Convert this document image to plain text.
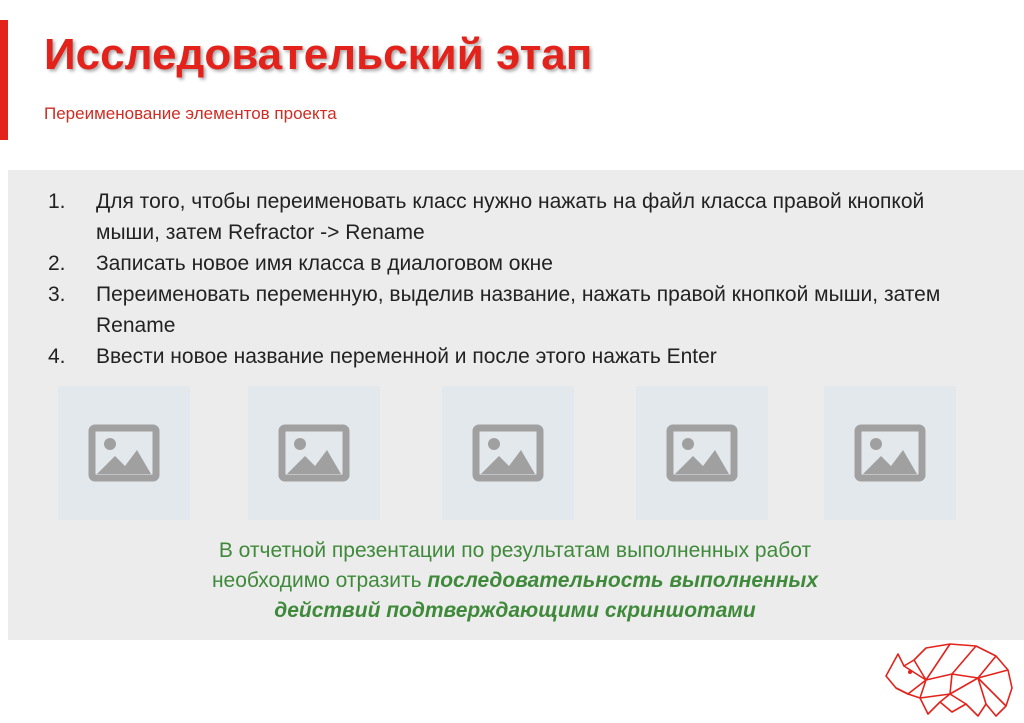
Исследовательский этап
Переименование элементов проекта
1. Для того, чтобы переименовать класс нужно нажать на файл класса правой кнопкой мыши, затем Refractor -> Rename
2. Записать новое имя класса в диалоговом окне
3. Переименовать переменную, выделив название, нажать правой кнопкой мыши, затем Rename
4. Ввести новое название переменной и после этого нажать Enter
В отчетной презентации по результатам выполненных работ
необходимо отразить последовательность выполненных
действий подтверждающими скриншотами
